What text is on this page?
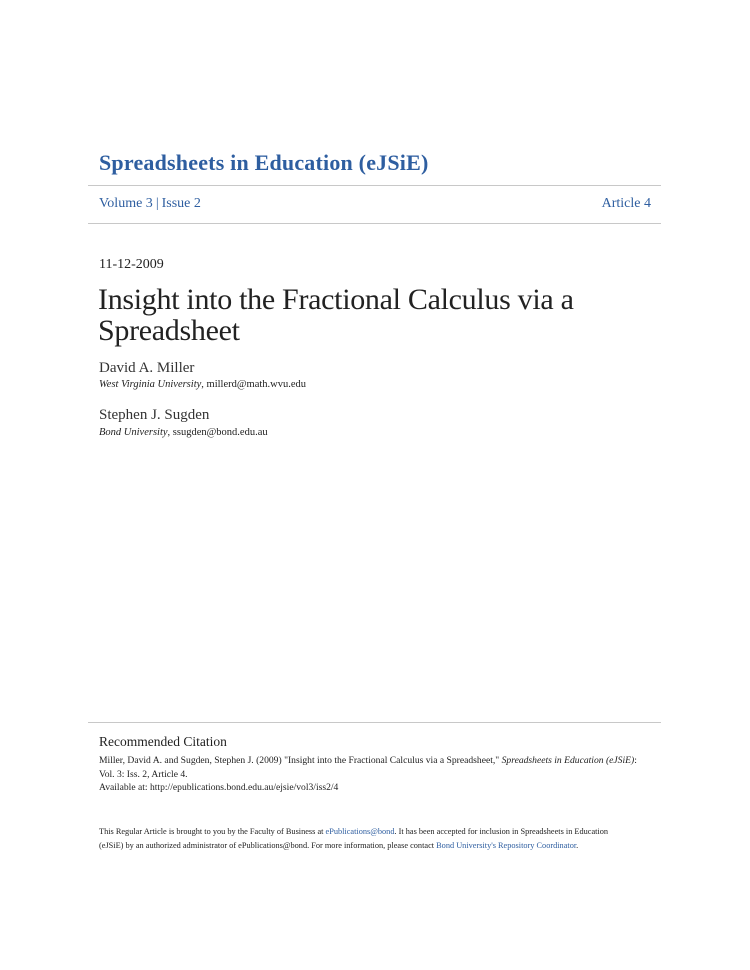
Spreadsheets in Education (eJSiE)
Volume 3 | Issue 2	Article 4
11-12-2009
Insight into the Fractional Calculus via a Spreadsheet
David A. Miller
West Virginia University, millerd@math.wvu.edu
Stephen J. Sugden
Bond University, ssugden@bond.edu.au
Recommended Citation
Miller, David A. and Sugden, Stephen J. (2009) "Insight into the Fractional Calculus via a Spreadsheet," Spreadsheets in Education (eJSiE): Vol. 3: Iss. 2, Article 4.
Available at: http://epublications.bond.edu.au/ejsie/vol3/iss2/4
This Regular Article is brought to you by the Faculty of Business at ePublications@bond. It has been accepted for inclusion in Spreadsheets in Education (eJSiE) by an authorized administrator of ePublications@bond. For more information, please contact Bond University's Repository Coordinator.
